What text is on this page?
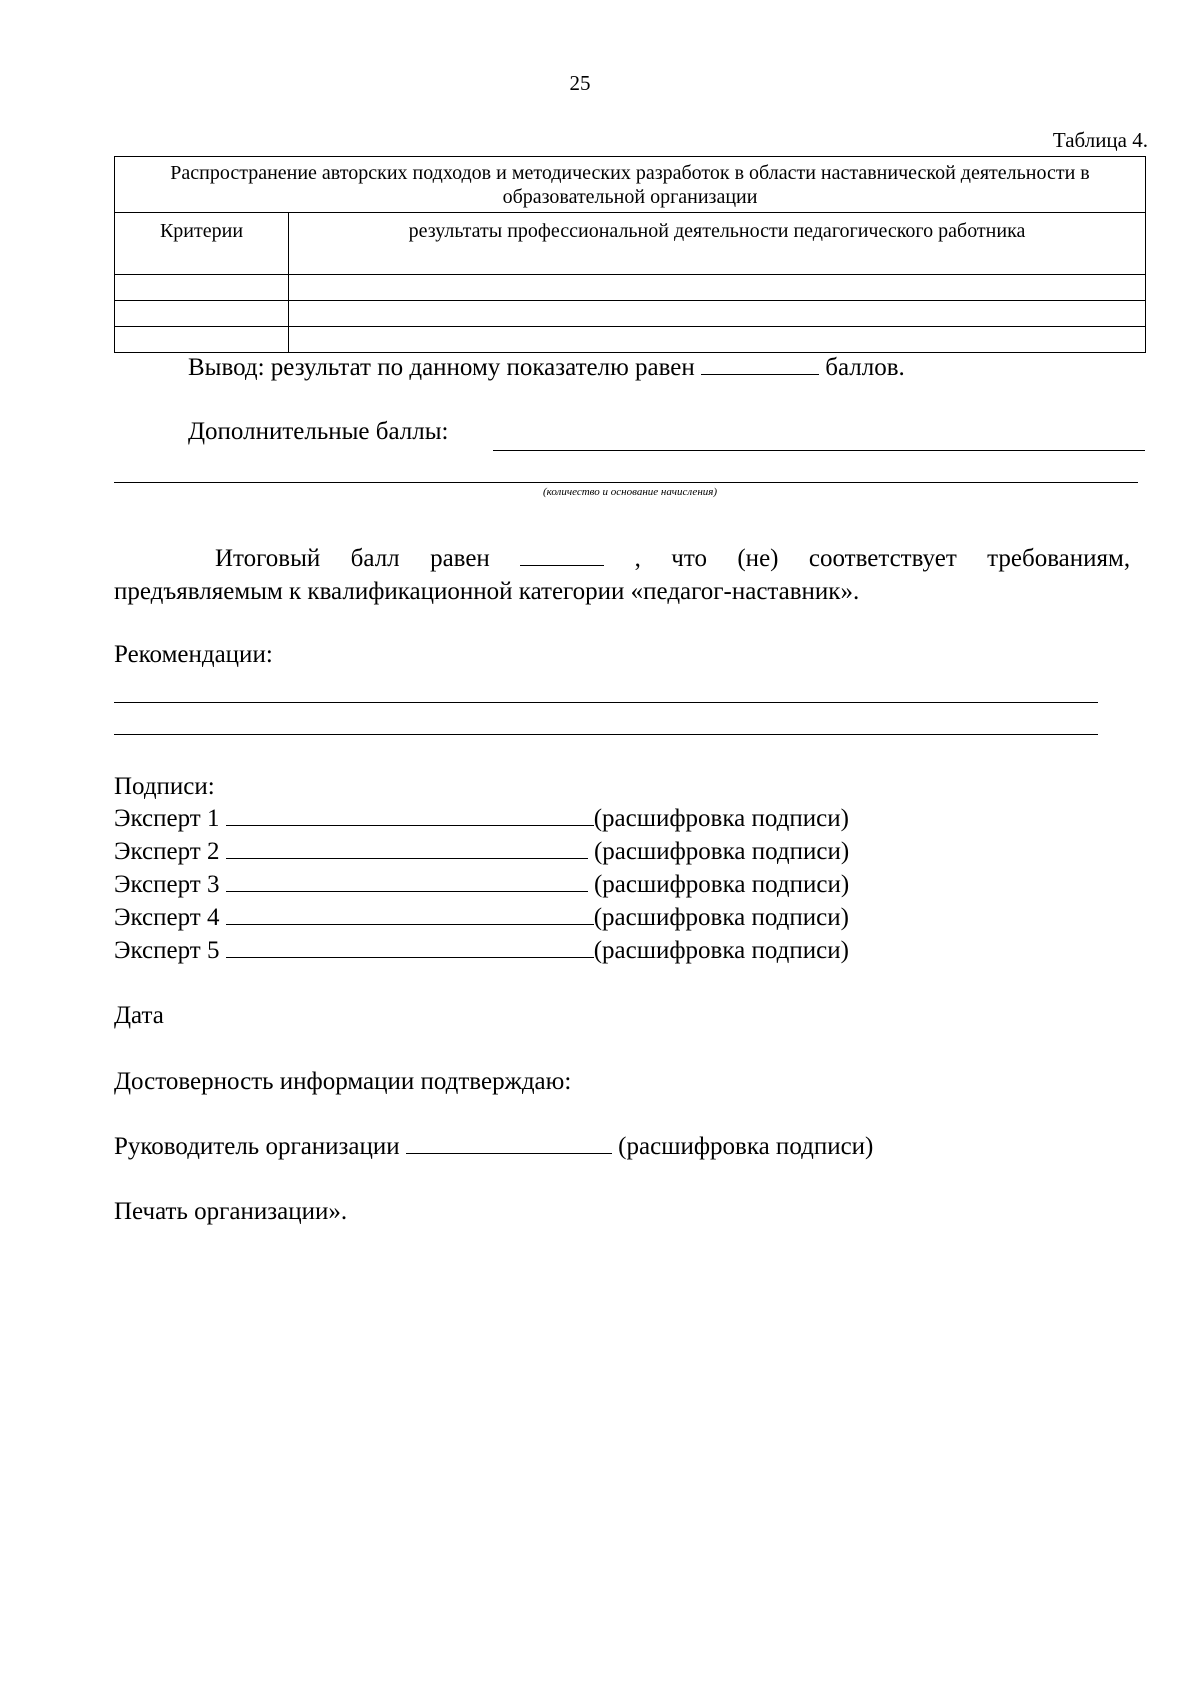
25
Таблица 4.
Распространение авторских подходов и методических разработок в области наставнической деятельности в образовательной организации	
Критерии	результаты профессиональной деятельности педагогического работника

Вывод: результат по данному показателю равен	баллов.
Дополнительные баллы:
(количество и основание начисления)
Итоговый балл равен	, что (не) соответствует требованиям,
предъявляемым к квалификационной категории «педагог-наставник».
Рекомендации:
Подписи:
Эксперт 1	(расшифровка подписи)
Эксперт 2	(расшифровка подписи)
Эксперт 3	(расшифровка подписи)
Эксперт 4	(расшифровка подписи)
Эксперт 5	(расшифровка подписи)
Дата
Достоверность информации подтверждаю:
Руководитель организации	(расшифровка подписи)
Печать организации».
